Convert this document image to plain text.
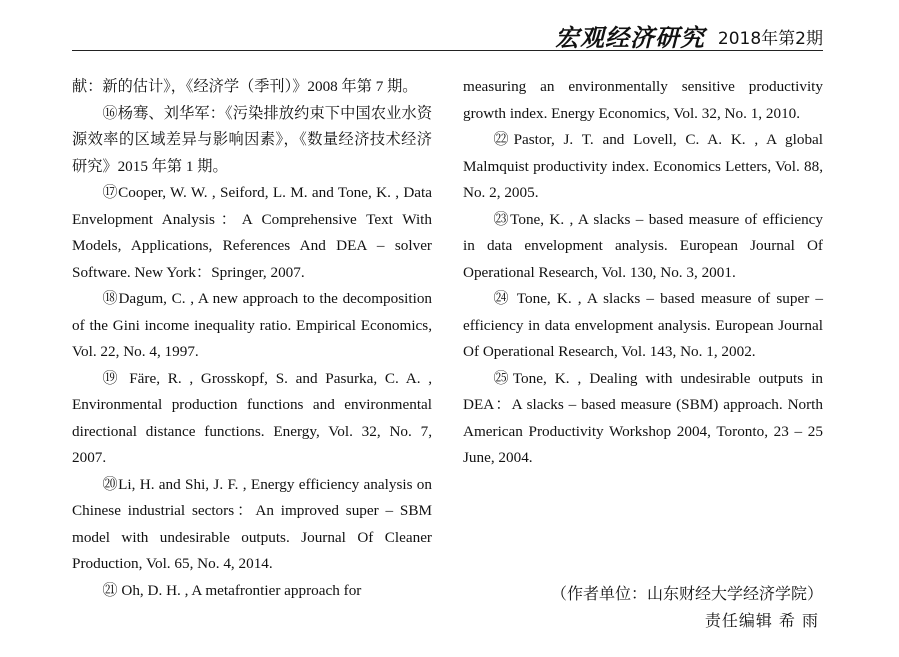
宏观经济研究 2018年第2期

献：新的估计》，《经济学（季刊）》2008 年第 7 期。

⑯杨骞、刘华军：《污染排放约束下中国农业水资源效率的区域差异与影响因素》，《数量经济技术经济研究》2015 年第 1 期。

⑰Cooper, W. W. , Seiford, L. M. and Tone, K. , Data Envelopment Analysis：A Comprehensive Text With Models, Applications, References And DEA – solver Software. New York：Springer, 2007.

⑱Dagum, C. , A new approach to the decomposition of the Gini income inequality ratio. Empirical Economics, Vol. 22, No. 4, 1997.

⑲ Färe, R. , Grosskopf, S. and Pasurka, C. A. , Environmental production functions and environmental directional distance functions. Energy, Vol. 32, No. 7, 2007.

⑳Li, H. and Shi, J. F. , Energy efficiency analysis on Chinese industrial sectors：An improved super – SBM model with undesirable outputs. Journal Of Cleaner Production, Vol. 65, No. 4, 2014.

㉑ Oh, D. H. , A metafrontier approach for

measuring an environmentally sensitive productivity growth index. Energy Economics, Vol. 32, No. 1, 2010.

㉒Pastor, J. T. and Lovell, C. A. K. , A global Malmquist productivity index. Economics Letters, Vol. 88, No. 2, 2005.

㉓Tone, K. , A slacks – based measure of efficiency in data envelopment analysis. European Journal Of Operational Research, Vol. 130, No. 3, 2001.

㉔ Tone, K. , A slacks – based measure of super – efficiency in data envelopment analysis. European Journal Of Operational Research, Vol. 143, No. 1, 2002.

㉕Tone, K. , Dealing with undesirable outputs in DEA：A slacks – based measure (SBM) approach. North American Productivity Workshop 2004, Toronto, 23 – 25 June, 2004.

（作者单位：山东财经大学经济学院）
责任编辑 希 雨
